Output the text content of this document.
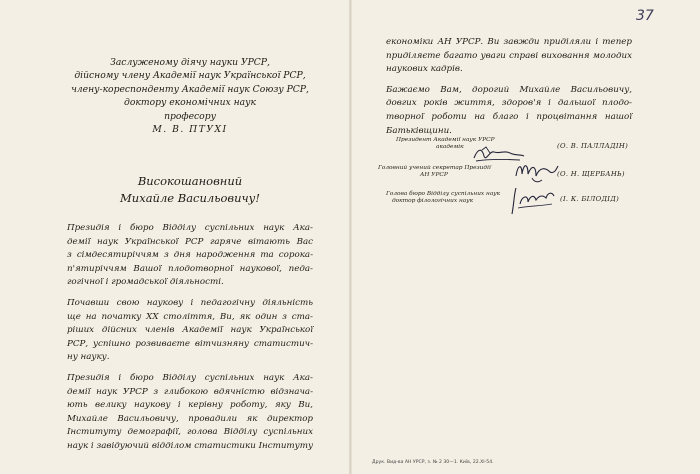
Заслуженому діячу науки УРСР,
дійсному члену Академії наук Української РСР,
члену-кореспонденту Академії наук Союзу РСР,
доктору економічних наук
професору
М. В. ПТУХІ
Високошановний
Михайле Васильовичу!

Президія і бюро Відділу суспільних наук Ака-
демії наук Української РСР гаряче вітають Вас
з сімдесятиріччям з дня народження та сорока-
п'ятиріччям Вашої плодотворної наукової, педа-
гогічної і громадської діяльності.

Почавши свою наукову і педагогічну діяльність
ще на початку XX століття, Ви, як один з ста-
ріших дійсних членів Академії наук Української
РСР, успішно розвиваєте вітчизняну статистич-
ну науку.

Президія і бюро Відділу суспільних наук Ака-
демії наук УРСР з глибокою вдячністю відзнача-
ють велику наукову і керівну роботу, яку Ви,
Михайле Васильовичу, провадили як директор
Інституту демографії, голова Відділу суспільних
наук і завідуючий відділом статистики Інституту

37

економіки АН УРСР. Ви завжди приділяли і тепер
приділяєте багато уваги справі виховання молодих
наукових кадрів.

Бажаємо Вам, дорогий Михайле Васильовичу,
довгих років життя, здоров'я і дальшої плодо-
творної роботи на благо і процвітання нашої
Батьківщини.

Президент Академії наук УРСР
академік	(О. В. ПАЛЛАДІН)
Головний учений секретар Президії
АН УРСР	(О. Н. ЩЕРБАНЬ)
Голова бюро Відділу суспільних наук
доктор філологічних наук	(І. К. БІЛОДІД)
Друк. Вид-ва АН УРСР, з. № 2 30—1. Київ, 22.XI-54.
